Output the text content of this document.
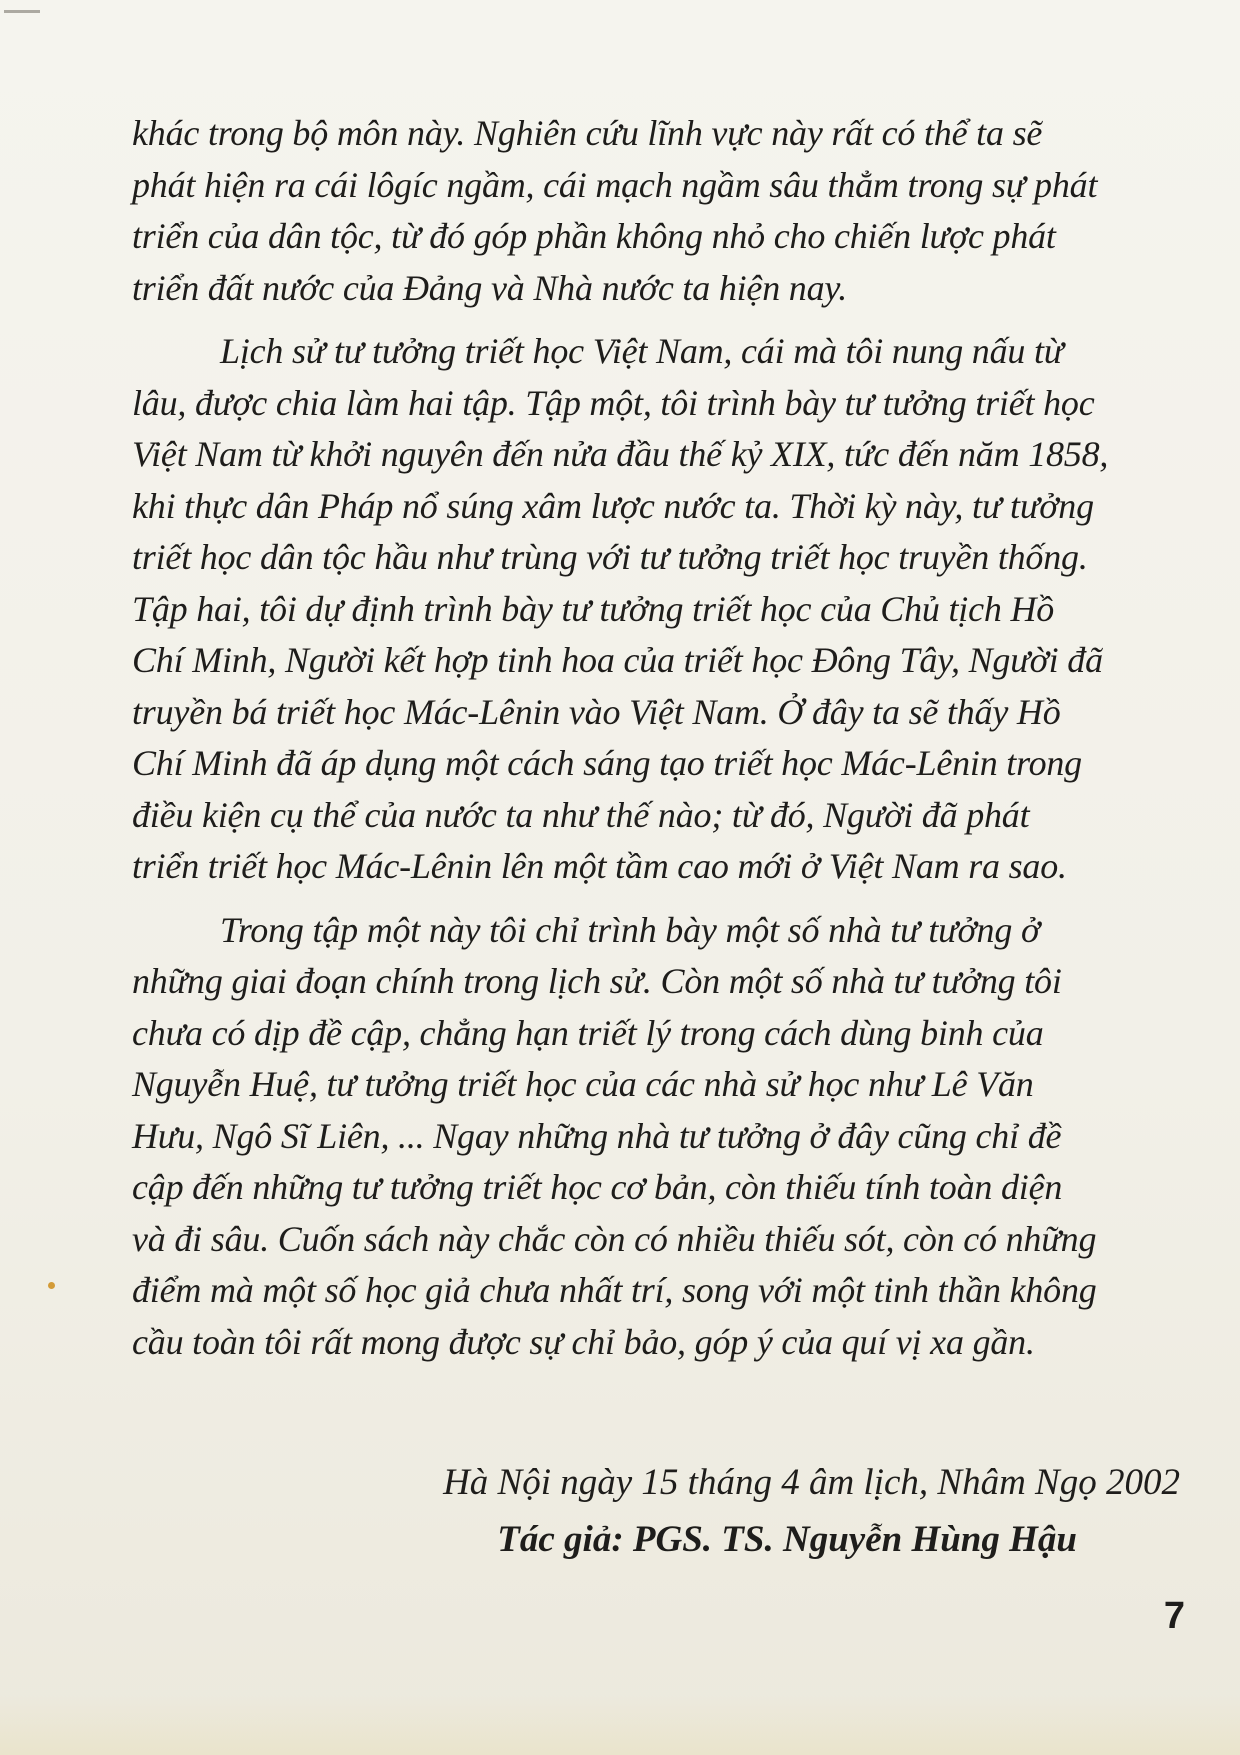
khác trong bộ môn này. Nghiên cứu lĩnh vực này rất có thể ta sẽ
phát hiện ra cái lôgíc ngầm, cái mạch ngầm sâu thẳm trong sự phát
triển của dân tộc, từ đó góp phần không nhỏ cho chiến lược phát
triển đất nước của Đảng và Nhà nước ta hiện nay.
Lịch sử tư tưởng triết học Việt Nam, cái mà tôi nung nấu từ
lâu, được chia làm hai tập. Tập một, tôi trình bày tư tưởng triết học
Việt Nam từ khởi nguyên đến nửa đầu thế kỷ XIX, tức đến năm 1858,
khi thực dân Pháp nổ súng xâm lược nước ta. Thời kỳ này, tư tưởng
triết học dân tộc hầu như trùng với tư tưởng triết học truyền thống.
Tập hai, tôi dự định trình bày tư tưởng triết học của Chủ tịch Hồ
Chí Minh, Người kết hợp tinh hoa của triết học Đông Tây, Người đã
truyền bá triết học Mác-Lênin vào Việt Nam. Ở đây ta sẽ thấy Hồ
Chí Minh đã áp dụng một cách sáng tạo triết học Mác-Lênin trong
điều kiện cụ thể của nước ta như thế nào; từ đó, Người đã phát
triển triết học Mác-Lênin lên một tầm cao mới ở Việt Nam ra sao.
Trong tập một này tôi chỉ trình bày một số nhà tư tưởng ở
những giai đoạn chính trong lịch sử. Còn một số nhà tư tưởng tôi
chưa có dịp đề cập, chẳng hạn triết lý trong cách dùng binh của
Nguyễn Huệ, tư tưởng triết học của các nhà sử học như Lê Văn
Hưu, Ngô Sĩ Liên, ... Ngay những nhà tư tưởng ở đây cũng chỉ đề
cập đến những tư tưởng triết học cơ bản, còn thiếu tính toàn diện
và đi sâu. Cuốn sách này chắc còn có nhiều thiếu sót, còn có những
điểm mà một số học giả chưa nhất trí, song với một tinh thần không
cầu toàn tôi rất mong được sự chỉ bảo, góp ý của quí vị xa gần.
Hà Nội ngày 15 tháng 4 âm lịch, Nhâm Ngọ 2002
Tác giả: PGS. TS. Nguyễn Hùng Hậu
7
